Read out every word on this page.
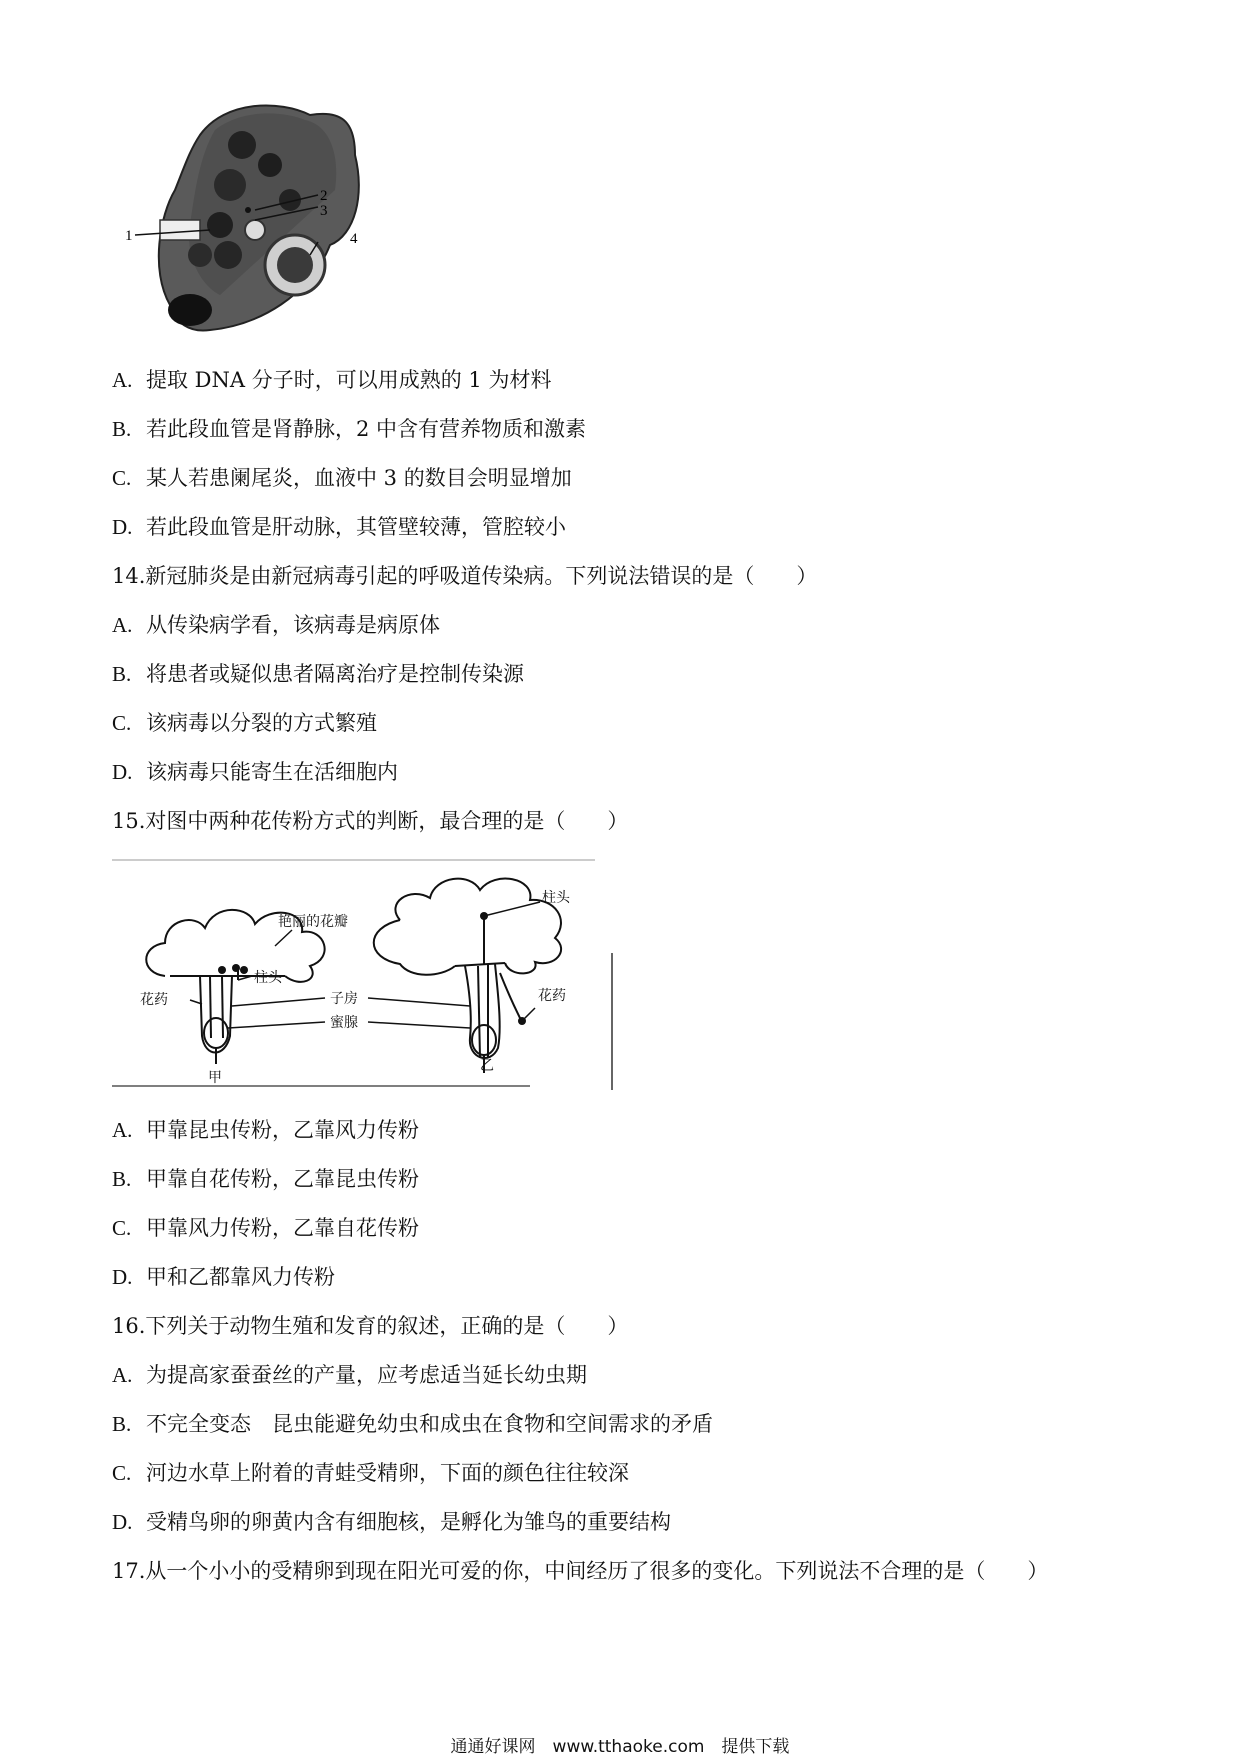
1
2
3
4
A. 提取 DNA 分子时，可以用成熟的 1 为材料
B. 若此段血管是肾静脉，2 中含有营养物质和激素
C. 某人若患阑尾炎，血液中 3 的数目会明显增加
D. 若此段血管是肝动脉，其管壁较薄，管腔较小
14.新冠肺炎是由新冠病毒引起的呼吸道传染病。下列说法错误的是（　　）
A. 从传染病学看，该病毒是病原体
B. 将患者或疑似患者隔离治疗是控制传染源
C. 该病毒以分裂的方式繁殖
D. 该病毒只能寄生在活细胞内
15.对图中两种花传粉方式的判断，最合理的是（　　）
艳丽的花瓣
柱头
花药	子房
蜜腺
柱头
花药
甲
乙
A. 甲靠昆虫传粉，乙靠风力传粉
B. 甲靠自花传粉，乙靠昆虫传粉
C. 甲靠风力传粉，乙靠自花传粉
D. 甲和乙都靠风力传粉
16.下列关于动物生殖和发育的叙述，正确的是（　　）
A. 为提高家蚕蚕丝的产量，应考虑适当延长幼虫期
B. 不完全变态　昆虫能避免幼虫和成虫在食物和空间需求的矛盾
C. 河边水草上附着的青蛙受精卵，下面的颜色往往较深
D. 受精鸟卵的卵黄内含有细胞核，是孵化为雏鸟的重要结构
17.从一个小小的受精卵到现在阳光可爱的你，中间经历了很多的变化。下列说法不合理的是（　　）
通通好课网　www.tthaoke.com　提供下载
